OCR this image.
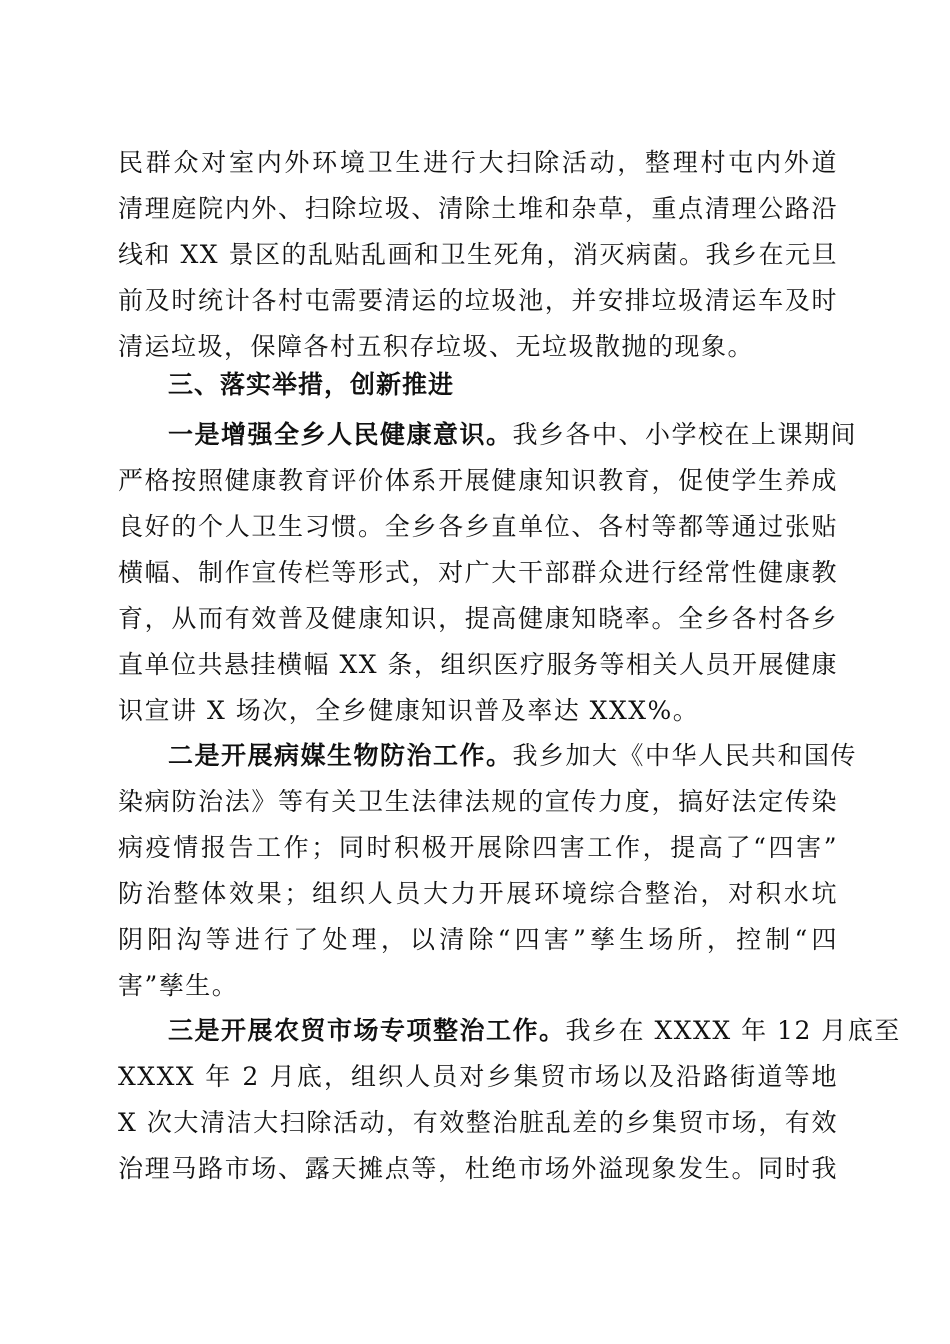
民群众对室内外环境卫生进行大扫除活动，整理村屯内外道
清理庭院内外、扫除垃圾、清除土堆和杂草，重点清理公路沿
线和 XX 景区的乱贴乱画和卫生死角，消灭病菌。我乡在元旦
前及时统计各村屯需要清运的垃圾池，并安排垃圾清运车及时
清运垃圾，保障各村五积存垃圾、无垃圾散抛的现象。
三、落实举措，创新推进
一是增强全乡人民健康意识。我乡各中、小学校在上课期间
严格按照健康教育评价体系开展健康知识教育，促使学生养成
良好的个人卫生习惯。全乡各乡直单位、各村等都等通过张贴
横幅、制作宣传栏等形式，对广大干部群众进行经常性健康教
育，从而有效普及健康知识，提高健康知晓率。全乡各村各乡
直单位共悬挂横幅 XX 条，组织医疗服务等相关人员开展健康
识宣讲 X 场次，全乡健康知识普及率达 XXX%。
二是开展病媒生物防治工作。我乡加大《中华人民共和国传
染病防治法》等有关卫生法律法规的宣传力度，搞好法定传染
病疫情报告工作；同时积极开展除四害工作，提高了“四害”
防治整体效果；组织人员大力开展环境综合整治，对积水坑
阴阳沟等进行了处理，以清除“四害”孳生场所，控制“四
害”孳生。
三是开展农贸市场专项整治工作。我乡在 XXXX 年 12 月底至
XXXX 年 2 月底，组织人员对乡集贸市场以及沿路街道等地
X 次大清洁大扫除活动，有效整治脏乱差的乡集贸市场，有效
治理马路市场、露天摊点等，杜绝市场外溢现象发生。同时我
